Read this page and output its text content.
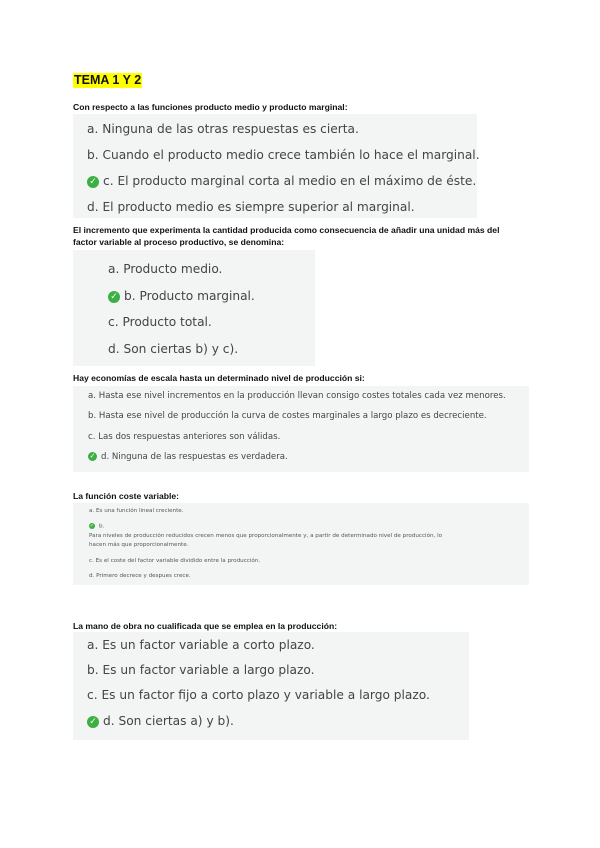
TEMA 1 Y 2
Con respecto a las funciones producto medio y producto marginal:
a. Ninguna de las otras respuestas es cierta.
b. Cuando el producto medio crece también lo hace el marginal.
✓ c. El producto marginal corta al medio en el máximo de éste.
d. El producto medio es siempre superior al marginal.
El incremento que experimenta la cantidad producida como consecuencia de añadir una unidad más del
factor variable al proceso productivo, se denomina:
a. Producto medio.
✓ b. Producto marginal.
c. Producto total.
d. Son ciertas b) y c).
Hay economías de escala hasta un determinado nivel de producción si:
a. Hasta ese nivel incrementos en la producción llevan consigo costes totales cada vez menores.
b. Hasta ese nivel de producción la curva de costes marginales a largo plazo es decreciente.
c. Las dos respuestas anteriores son válidas.
✓ d. Ninguna de las respuestas es verdadera.
La función coste variable:
a. Es una función lineal creciente.
✓ b.
Para niveles de producción reducidos crecen menos que proporcionalmente y, a partir de determinado nivel de producción, lo
hacen más que proporcionalmente.
c. Es el coste del factor variable dividido entre la producción.
d. Primero decrece y despues crece.
La mano de obra no cualificada que se emplea en la producción:
a. Es un factor variable a corto plazo.
b. Es un factor variable a largo plazo.
c. Es un factor fijo a corto plazo y variable a largo plazo.
✓ d. Son ciertas a) y b).
